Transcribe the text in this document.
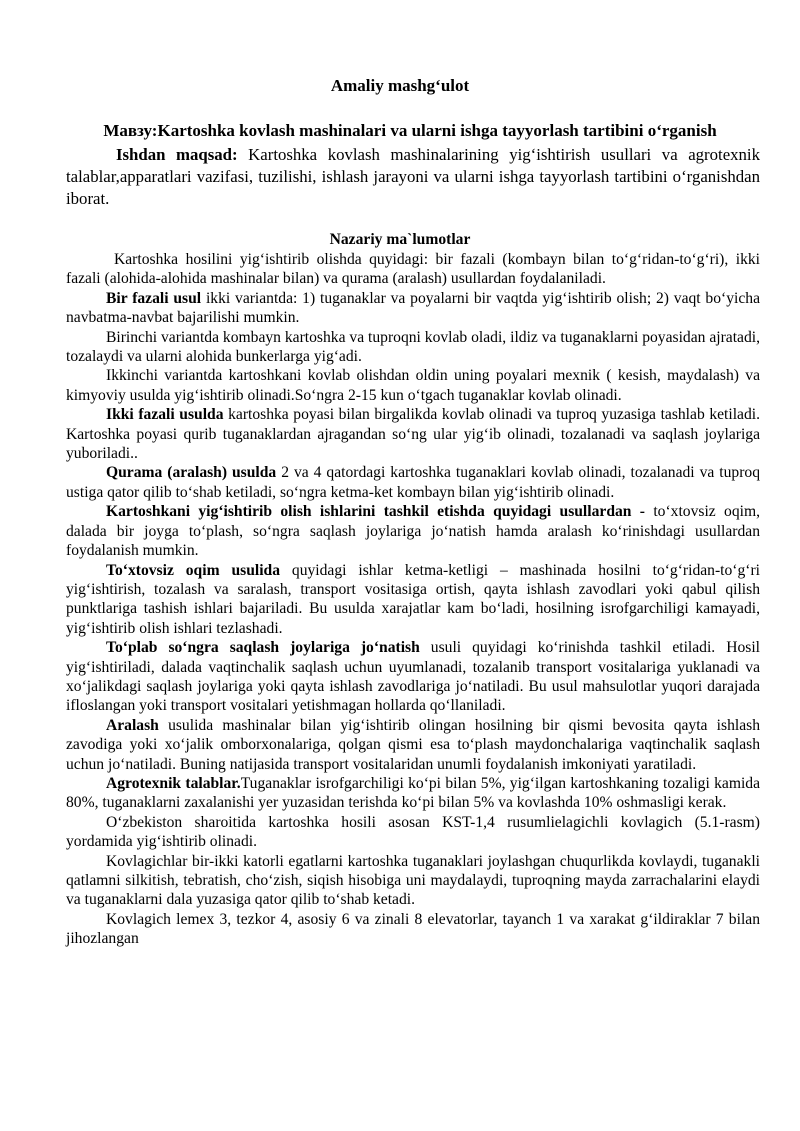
Amaliy mashg‘ulot
Мавзу:Kartoshka kovlash mashinalari va ularni ishga tayyorlash tartibini o‘rganish
Ishdan maqsad: Kartoshka kovlash mashinalarining yig‘ishtirish usullari va agrotexnik talablar,apparatlari vazifasi, tuzilishi, ishlash jarayoni va ularni ishga tayyorlash tartibini o‘rganishdan iborat.
Nazariy ma`lumotlar

Kartoshka hosilini yig‘ishtirib olishda quyidagi: bir fazali (kombayn bilan to‘g‘ridan-to‘g‘ri), ikki fazali (alohida-alohida mashinalar bilan) va qurama (aralash) usullardan foydalaniladi.

Bir fazali usul ikki variantda: 1) tuganaklar va poyalarni bir vaqtda yig‘ishtirib olish; 2) vaqt bo‘yicha navbatma-navbat bajarilishi mumkin.

Birinchi variantda kombayn kartoshka va tuproqni kovlab oladi, ildiz va tuganaklarni poyasidan ajratadi, tozalaydi va ularni alohida bunkerlarga yig‘adi.

Ikkinchi variantda kartoshkani kovlab olishdan oldin uning poyalari mexnik ( kesish, maydalash) va kimyoviy usulda yig‘ishtirib olinadi.So‘ngra 2-15 kun o‘tgach tuganaklar kovlab olinadi.

Ikki fazali usulda kartoshka poyasi bilan birgalikda kovlab olinadi va tuproq yuzasiga tashlab ketiladi. Kartoshka poyasi qurib tuganaklardan ajragandan so‘ng ular yig‘ib olinadi, tozalanadi va saqlash joylariga yuboriladi..

Qurama (aralash) usulda 2 va 4 qatordagi kartoshka tuganaklari kovlab olinadi, tozalanadi va tuproq ustiga qator qilib to‘shab ketiladi, so‘ngra ketma-ket kombayn bilan yig‘ishtirib olinadi.

Kartoshkani yig‘ishtirib olish ishlarini tashkil etishda quyidagi usullardan - to‘xtovsiz oqim, dalada bir joyga to‘plash, so‘ngra saqlash joylariga jo‘natish hamda aralash ko‘rinishdagi usullardan foydalanish mumkin.

To‘xtovsiz oqim usulida quyidagi ishlar ketma-ketligi – mashinada hosilni to‘g‘ridan-to‘g‘ri yig‘ishtirish, tozalash va saralash, transport vositasiga ortish, qayta ishlash zavodlari yoki qabul qilish punktlariga tashish ishlari bajariladi. Bu usulda xarajatlar kam bo‘ladi, hosilning isrofgarchiligi kamayadi, yig‘ishtirib olish ishlari tezlashadi.

To‘plab so‘ngra saqlash joylariga jo‘natish usuli quyidagi ko‘rinishda tashkil etiladi. Hosil yig‘ishtiriladi, dalada vaqtinchalik saqlash uchun uyumlanadi, tozalanib transport vositalariga yuklanadi va xo‘jalikdagi saqlash joylariga yoki qayta ishlash zavodlariga jo‘natiladi. Bu usul mahsulotlar yuqori darajada ifloslangan yoki transport vositalari yetishmagan hollarda qo‘llaniladi.

Aralash usulida mashinalar bilan yig‘ishtirib olingan hosilning bir qismi bevosita qayta ishlash zavodiga yoki xo‘jalik omborxonalariga, qolgan qismi esa to‘plash maydonchalariga vaqtinchalik saqlash uchun jo‘natiladi. Buning natijasida transport vositalaridan unumli foydalanish imkoniyati yaratiladi.

Agrotexnik talablar.Tuganaklar isrofgarchiligi ko‘pi bilan 5%, yig‘ilgan kartoshkaning tozaligi kamida 80%, tuganaklarni zaxalanishi yer yuzasidan terishda ko‘pi bilan 5% va kovlashda 10% oshmasligi kerak.

O‘zbekiston sharoitida kartoshka hosili asosan KST-1,4 rusumlielagichli kovlagich (5.1-rasm) yordamida yig‘ishtirib olinadi.

Kovlagichlar bir-ikki katorli egatlarni kartoshka tuganaklari joylashgan chuqurlikda kovlaydi, tuganakli qatlamni silkitish, tebratish, cho‘zish, siqish hisobiga uni maydalaydi, tuproqning mayda zarrachalarini elaydi va tuganaklarni dala yuzasiga qator qilib to‘shab ketadi.

Kovlagich lemex 3, tezkor 4, asosiy 6 va zinali 8 elevatorlar, tayanch 1 va xarakat g‘ildiraklar 7 bilan jihozlangan
